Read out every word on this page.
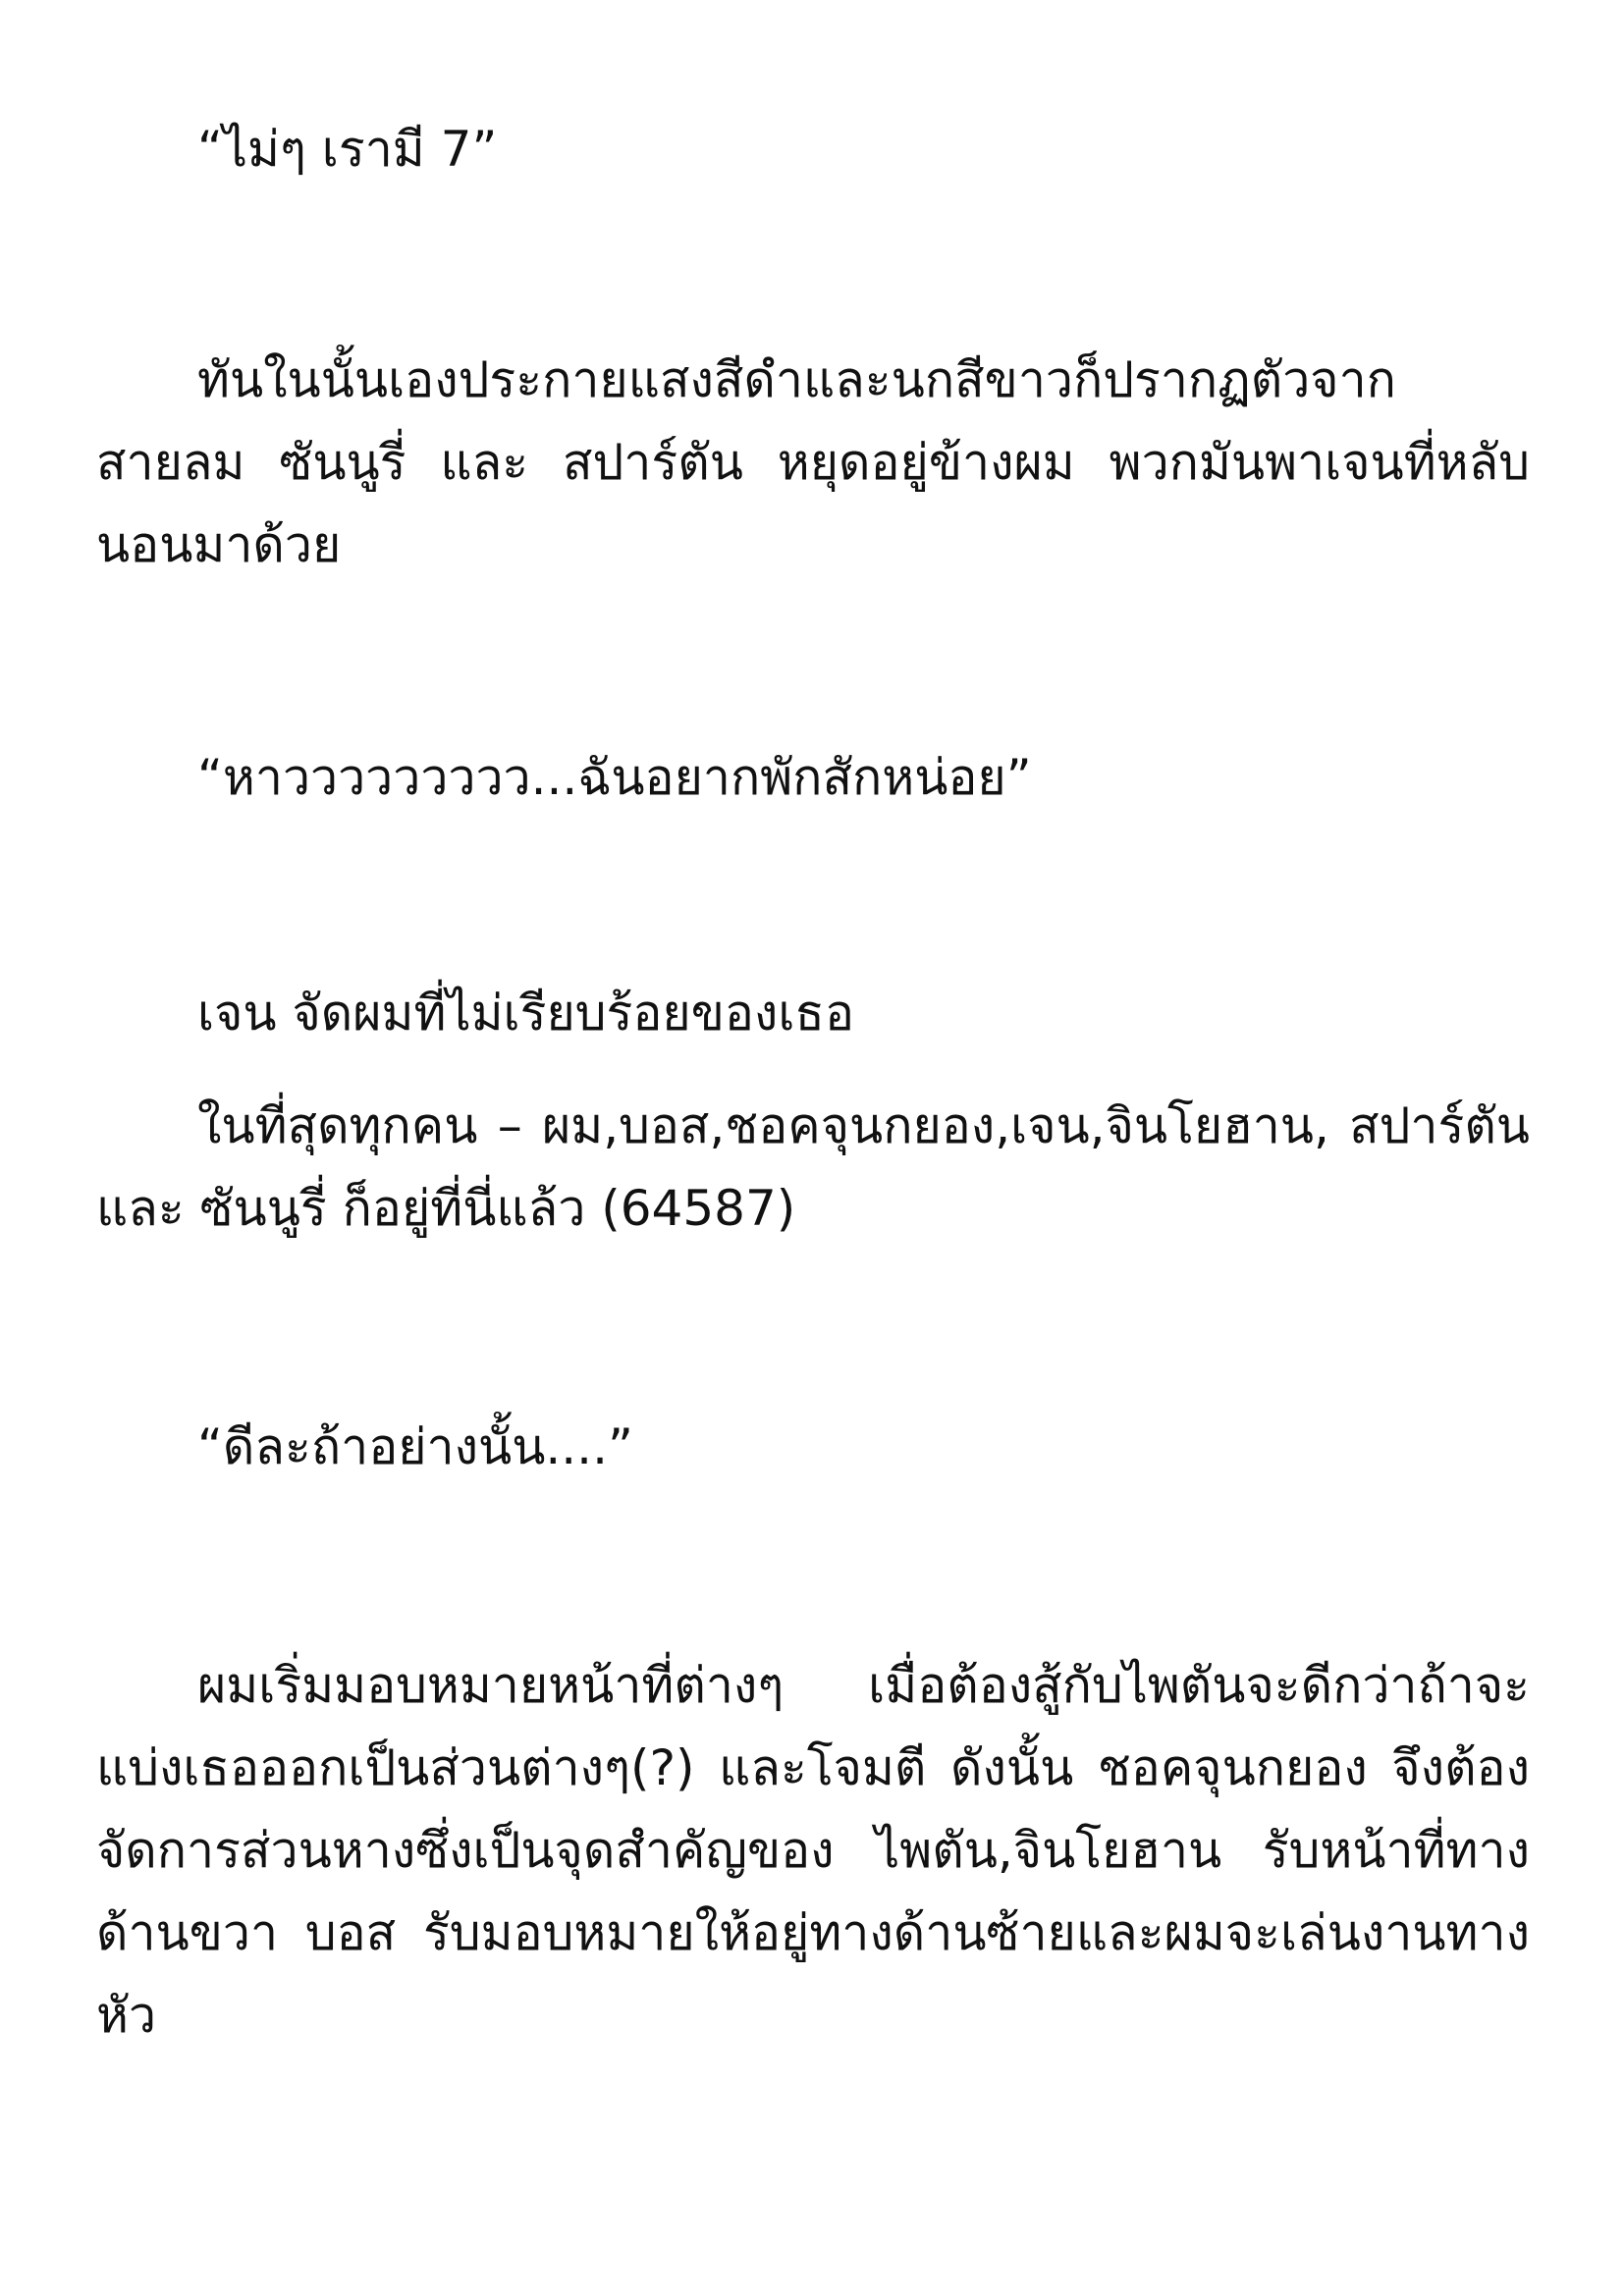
“ไม่ๆ เรามี 7”

ทันในนั้นเองประกายแสงสีดำและนกสีขาวก็ปรากฏตัวจากสายลม ซันนูรี่ และ สปาร์ตัน หยุดอยู่ข้างผม พวกมันพาเจนที่หลับนอนมาด้วย

“หาววววววววว...ฉันอยากพักสักหน่อย”

เจน จัดผมที่ไม่เรียบร้อยของเธอ

ในที่สุดทุกคน – ผม,บอส,ชอคจุนกยอง,เจน,จินโยฮาน, สปาร์ตัน และ ซันนูรี่ ก็อยู่ที่นี่แล้ว (64587)

“ดีละถ้าอย่างนั้น....”

ผมเริ่มมอบหมายหน้าที่ต่างๆ เมื่อต้องสู้กับไพตันจะดีกว่าถ้าจะแบ่งเธอออกเป็นส่วนต่างๆ(?) และโจมตี ดังนั้น ชอคจุนกยอง จึงต้องจัดการส่วนหางซึ่งเป็นจุดสำคัญของ ไพตัน,จินโยฮาน รับหน้าที่ทางด้านขวา บอส รับมอบหมายให้อยู่ทางด้านซ้ายและผมจะเล่นงานทางหัว
